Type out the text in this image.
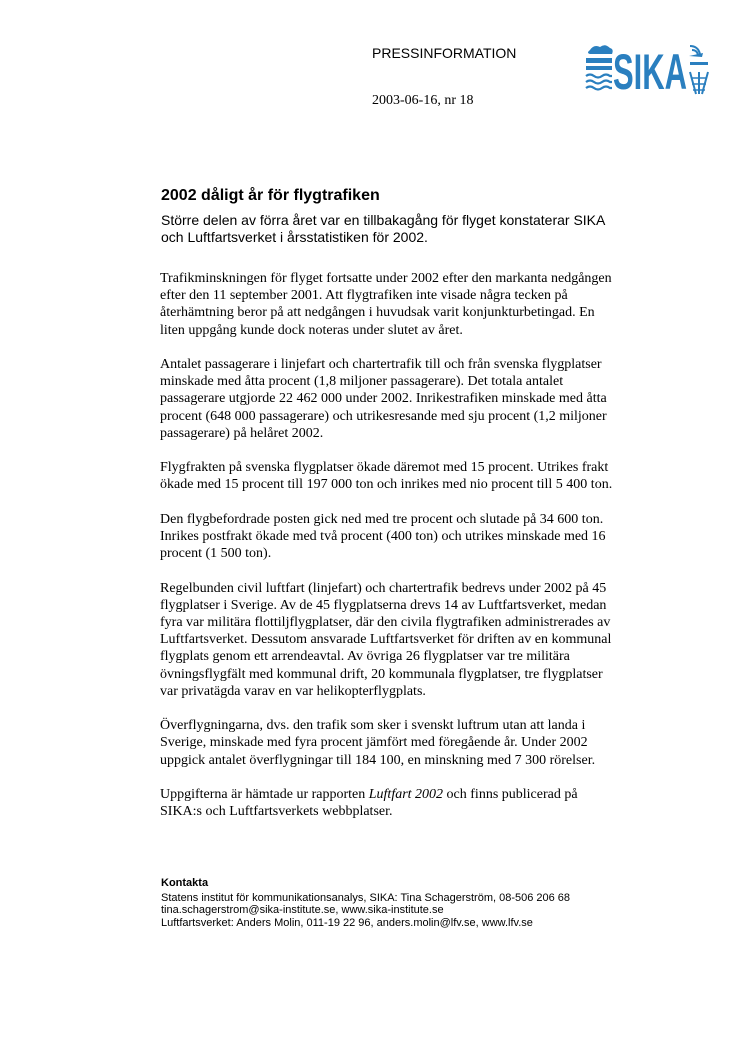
PRESSINFORMATION
2003-06-16, nr 18
SIKA
2002 dåligt år för flygtrafiken
Större delen av förra året var en tillbakagång för flyget konstaterar SIKA
och Luftfartsverket i årsstatistiken för 2002.

Trafikminskningen för flyget fortsatte under 2002 efter den markanta nedgången
efter den 11 september 2001. Att flygtrafiken inte visade några tecken på
återhämtning beror på att nedgången i huvudsak varit konjunkturbetingad. En
liten uppgång kunde dock noteras under slutet av året.

Antalet passagerare i linjefart och chartertrafik till och från svenska flygplatser
minskade med åtta procent (1,8 miljoner passagerare). Det totala antalet
passagerare utgjorde 22 462 000 under 2002. Inrikestrafiken minskade med åtta
procent (648 000 passagerare) och utrikesresande med sju procent (1,2 miljoner
passagerare) på helåret 2002.

Flygfrakten på svenska flygplatser ökade däremot med 15 procent. Utrikes frakt
ökade med 15 procent till 197 000 ton och inrikes med nio procent till 5 400 ton.

Den flygbefordrade posten gick ned med tre procent och slutade på 34 600 ton.
Inrikes postfrakt ökade med två procent (400 ton) och utrikes minskade med 16
procent (1 500 ton).

Regelbunden civil luftfart (linjefart) och chartertrafik bedrevs under 2002 på 45
flygplatser i Sverige. Av de 45 flygplatserna drevs 14 av Luftfartsverket, medan
fyra var militära flottiljflygplatser, där den civila flygtrafiken administrerades av
Luftfartsverket. Dessutom ansvarade Luftfartsverket för driften av en kommunal
flygplats genom ett arrendeavtal. Av övriga 26 flygplatser var tre militära
övningsflygfält med kommunal drift, 20 kommunala flygplatser, tre flygplatser
var privatägda varav en var helikopterflygplats.

Överflygningarna, dvs. den trafik som sker i svenskt luftrum utan att landa i
Sverige, minskade med fyra procent jämfört med föregående år. Under 2002
uppgick antalet överflygningar till 184 100, en minskning med 7 300 rörelser.

Uppgifterna är hämtade ur rapporten Luftfart 2002 och finns publicerad på
SIKA:s och Luftfartsverkets webbplatser.

Kontakta
Statens institut för kommunikationsanalys, SIKA: Tina Schagerström, 08-506 206 68
tina.schagerstrom@sika-institute.se, www.sika-institute.se
Luftfartsverket: Anders Molin, 011-19 22 96, anders.molin@lfv.se, www.lfv.se
